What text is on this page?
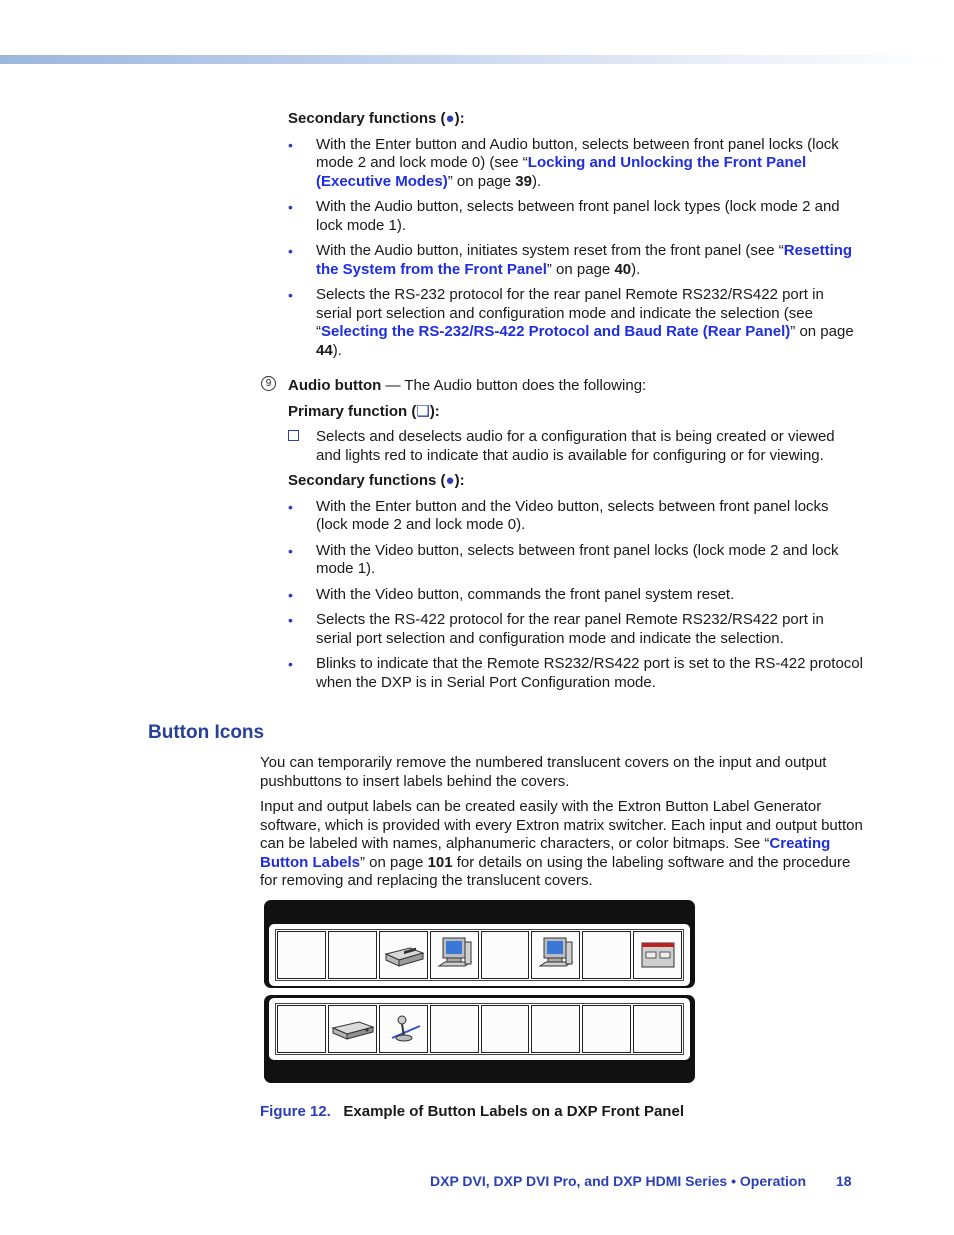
Secondary functions (●):
• With the Enter button and Audio button, selects between front panel locks (lock mode 2 and lock mode 0) (see “Locking and Unlocking the Front Panel (Executive Modes)” on page 39).
• With the Audio button, selects between front panel lock types (lock mode 2 and lock mode 1).
• With the Audio button, initiates system reset from the front panel (see “Resetting the System from the Front Panel” on page 40).
• Selects the RS-232 protocol for the rear panel Remote RS232/RS422 port in serial port selection and configuration mode and indicate the selection (see “Selecting the RS-232/RS-422 Protocol and Baud Rate (Rear Panel)” on page 44).
9	Audio button — The Audio button does the following:
Primary function (❑):
Selects and deselects audio for a configuration that is being created or viewed and lights red to indicate that audio is available for configuring or for viewing.
Secondary functions (●):
• With the Enter button and the Video button, selects between front panel locks (lock mode 2 and lock mode 0).
• With the Video button, selects between front panel locks (lock mode 2 and lock mode 1).
• With the Video button, commands the front panel system reset.
• Selects the RS-422 protocol for the rear panel Remote RS232/RS422 port in serial port selection and configuration mode and indicate the selection.
• Blinks to indicate that the Remote RS232/RS422 port is set to the RS-422 protocol when the DXP is in Serial Port Configuration mode.
Button Icons
You can temporarily remove the numbered translucent covers on the input and output pushbuttons to insert labels behind the covers.
Input and output labels can be created easily with the Extron Button Label Generator software, which is provided with every Extron matrix switcher. Each input and output button can be labeled with names, alphanumeric characters, or color bitmaps. See “Creating Button Labels” on page 101 for details on using the labeling software and the procedure for removing and replacing the translucent covers.
Figure 12. Example of Button Labels on a DXP Front Panel
DXP DVI, DXP DVI Pro, and DXP HDMI Series • Operation 18
